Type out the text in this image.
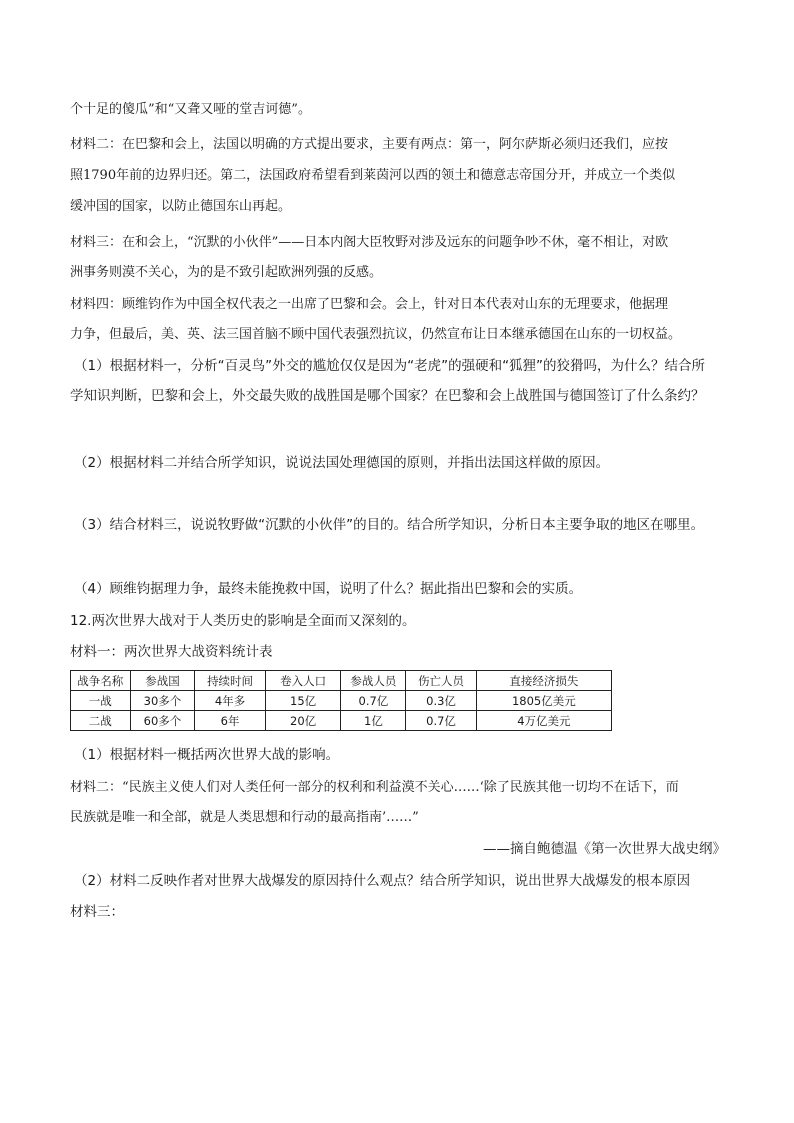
个十足的傻瓜”和“又聋又哑的堂吉诃德”。
材料二：在巴黎和会上，法国以明确的方式提出要求，主要有两点：第一，阿尔萨斯必须归还我们，应按
照1790年前的边界归还。第二，法国政府希望看到莱茵河以西的领土和德意志帝国分开，并成立一个类似
缓冲国的国家，以防止德国东山再起。
材料三：在和会上，“沉默的小伙伴”——日本内阁大臣牧野对涉及远东的问题争吵不休，毫不相让，对欧
洲事务则漠不关心，为的是不致引起欧洲列强的反感。
材料四：顾维钧作为中国全权代表之一出席了巴黎和会。会上，针对日本代表对山东的无理要求，他据理
力争，但最后，美、英、法三国首脑不顾中国代表强烈抗议，仍然宣布让日本继承德国在山东的一切权益。
（1）根据材料一，分析“百灵鸟”外交的尴尬仅仅是因为“老虎”的强硬和“狐狸”的狡猾吗，为什么？结合所
学知识判断，巴黎和会上，外交最失败的战胜国是哪个国家？在巴黎和会上战胜国与德国签订了什么条约？
（2）根据材料二并结合所学知识，说说法国处理德国的原则，并指出法国这样做的原因。
（3）结合材料三，说说牧野做“沉默的小伙伴”的目的。结合所学知识，分析日本主要争取的地区在哪里。
（4）顾维钧据理力争，最终未能挽救中国，说明了什么？据此指出巴黎和会的实质。
12.两次世界大战对于人类历史的影响是全面而又深刻的。
材料一：两次世界大战资料统计表
战争名称	参战国	持续时间	卷入人口	参战人员	伤亡人员	直接经济损失
一战	30多个	4年多	15亿	0.7亿	0.3亿	1805亿美元
二战	60多个	6年	20亿	1亿	0.7亿	4万亿美元
（1）根据材料一概括两次世界大战的影响。
材料二：“民族主义使人们对人类任何一部分的权利和利益漠不关心……‘除了民族其他一切均不在话下，而
民族就是唯一和全部，就是人类思想和行动的最高指南’……”
——摘自鲍德温《第一次世界大战史纲》
（2）材料二反映作者对世界大战爆发的原因持什么观点？结合所学知识，说出世界大战爆发的根本原因
材料三：
